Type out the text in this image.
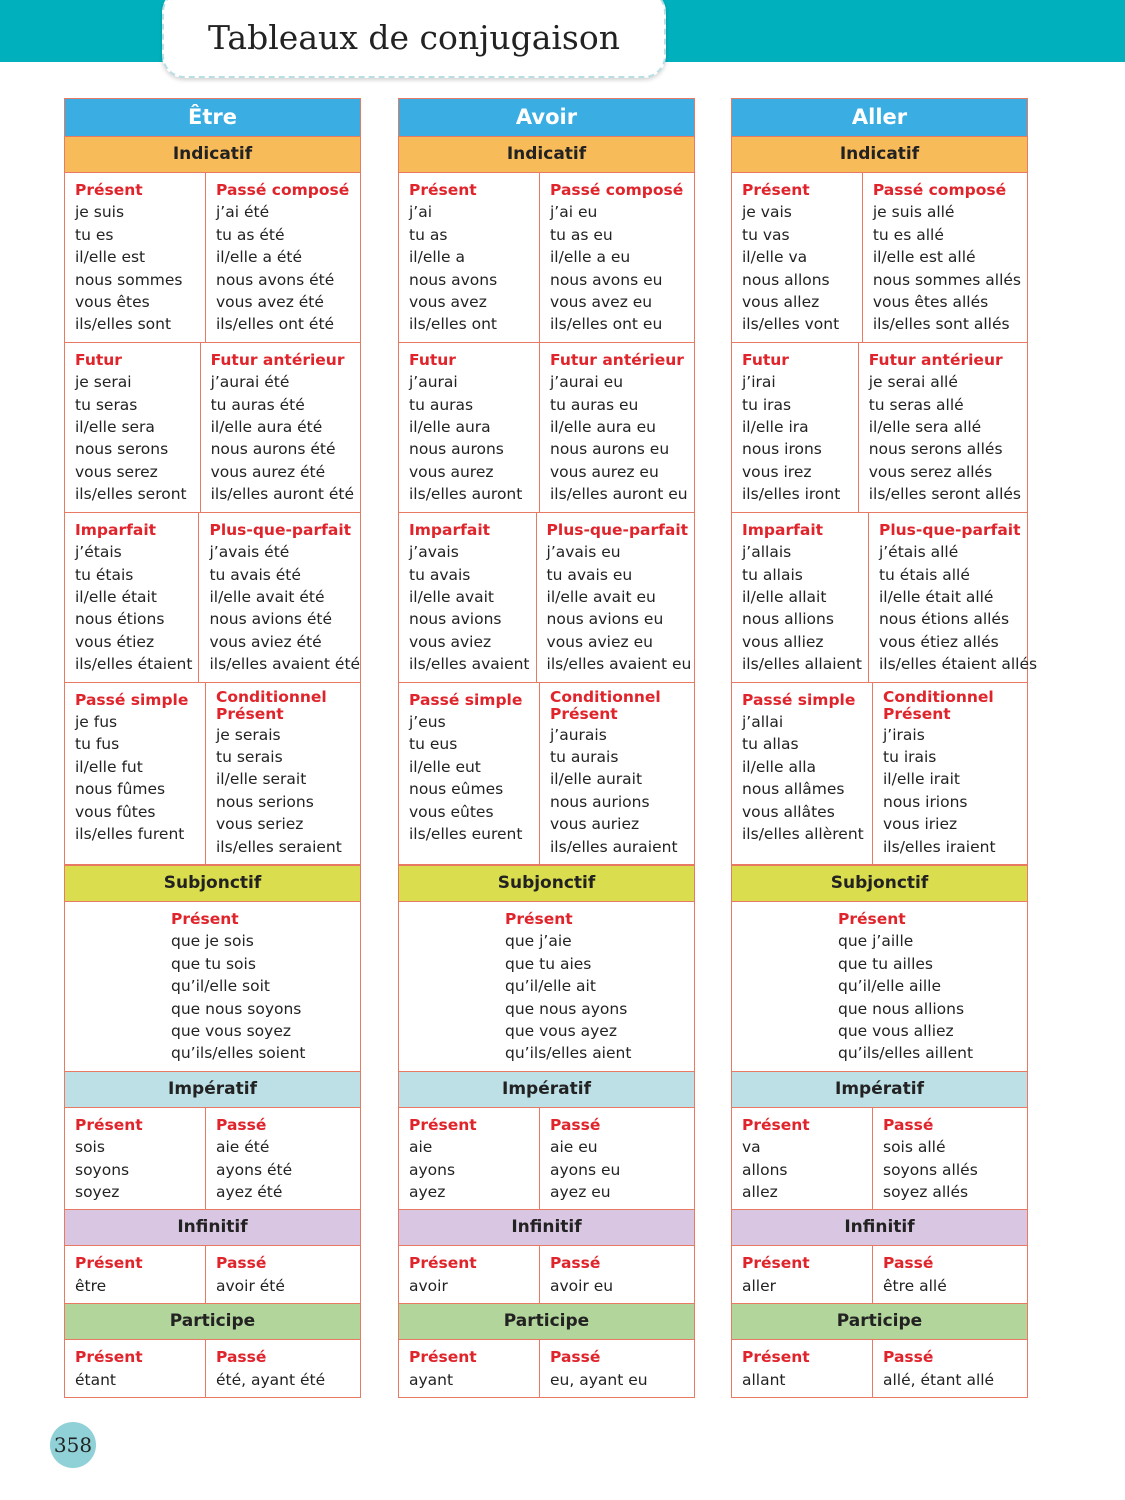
Tableaux de conjugaison
Être
Indicatif
Présent
je suis
tu es
il/elle est
nous sommes
vous êtes
ils/elles sont
Passé composé
j’ai été
tu as été
il/elle a été
nous avons été
vous avez été
ils/elles ont été
Futur
je serai
tu seras
il/elle sera
nous serons
vous serez
ils/elles seront
Futur antérieur
j’aurai été
tu auras été
il/elle aura été
nous aurons été
vous aurez été
ils/elles auront été
Imparfait
j’étais
tu étais
il/elle était
nous étions
vous étiez
ils/elles étaient
Plus-que-parfait
j’avais été
tu avais été
il/elle avait été
nous avions été
vous aviez été
ils/elles avaient été
Passé simple
je fus
tu fus
il/elle fut
nous fûmes
vous fûtes
ils/elles furent
Conditionnel
Présent
je serais
tu serais
il/elle serait
nous serions
vous seriez
ils/elles seraient
Subjonctif
Présent
que je sois
que tu sois
qu’il/elle soit
que nous soyons
que vous soyez
qu’ils/elles soient
Impératif
Présent
sois
soyons
soyez
Passé
aie été
ayons été
ayez été
Infinitif
Présent
être
Passé
avoir été
Participe
Présent
étant
Passé
été, ayant été
Avoir
Indicatif
Présent
j’ai
tu as
il/elle a
nous avons
vous avez
ils/elles ont
Passé composé
j’ai eu
tu as eu
il/elle a eu
nous avons eu
vous avez eu
ils/elles ont eu
Futur
j’aurai
tu auras
il/elle aura
nous aurons
vous aurez
ils/elles auront
Futur antérieur
j’aurai eu
tu auras eu
il/elle aura eu
nous aurons eu
vous aurez eu
ils/elles auront eu
Imparfait
j’avais
tu avais
il/elle avait
nous avions
vous aviez
ils/elles avaient
Plus-que-parfait
j’avais eu
tu avais eu
il/elle avait eu
nous avions eu
vous aviez eu
ils/elles avaient eu
Passé simple
j’eus
tu eus
il/elle eut
nous eûmes
vous eûtes
ils/elles eurent
Conditionnel
Présent
j’aurais
tu aurais
il/elle aurait
nous aurions
vous auriez
ils/elles auraient
Subjonctif
Présent
que j’aie
que tu aies
qu’il/elle ait
que nous ayons
que vous ayez
qu’ils/elles aient
Impératif
Présent
aie
ayons
ayez
Passé
aie eu
ayons eu
ayez eu
Infinitif
Présent
avoir
Passé
avoir eu
Participe
Présent
ayant
Passé
eu, ayant eu
Aller
Indicatif
Présent
je vais
tu vas
il/elle va
nous allons
vous allez
ils/elles vont
Passé composé
je suis allé
tu es allé
il/elle est allé
nous sommes allés
vous êtes allés
ils/elles sont allés
Futur
j’irai
tu iras
il/elle ira
nous irons
vous irez
ils/elles iront
Futur antérieur
je serai allé
tu seras allé
il/elle sera allé
nous serons allés
vous serez allés
ils/elles seront allés
Imparfait
j’allais
tu allais
il/elle allait
nous allions
vous alliez
ils/elles allaient
Plus-que-parfait
j’étais allé
tu étais allé
il/elle était allé
nous étions allés
vous étiez allés
ils/elles étaient allés
Passé simple
j’allai
tu allas
il/elle alla
nous allâmes
vous allâtes
ils/elles allèrent
Conditionnel
Présent
j’irais
tu irais
il/elle irait
nous irions
vous iriez
ils/elles iraient
Subjonctif
Présent
que j’aille
que tu ailles
qu’il/elle aille
que nous allions
que vous alliez
qu’ils/elles aillent
Impératif
Présent
va
allons
allez
Passé
sois allé
soyons allés
soyez allés
Infinitif
Présent
aller
Passé
être allé
Participe
Présent
allant
Passé
allé, étant allé
358
